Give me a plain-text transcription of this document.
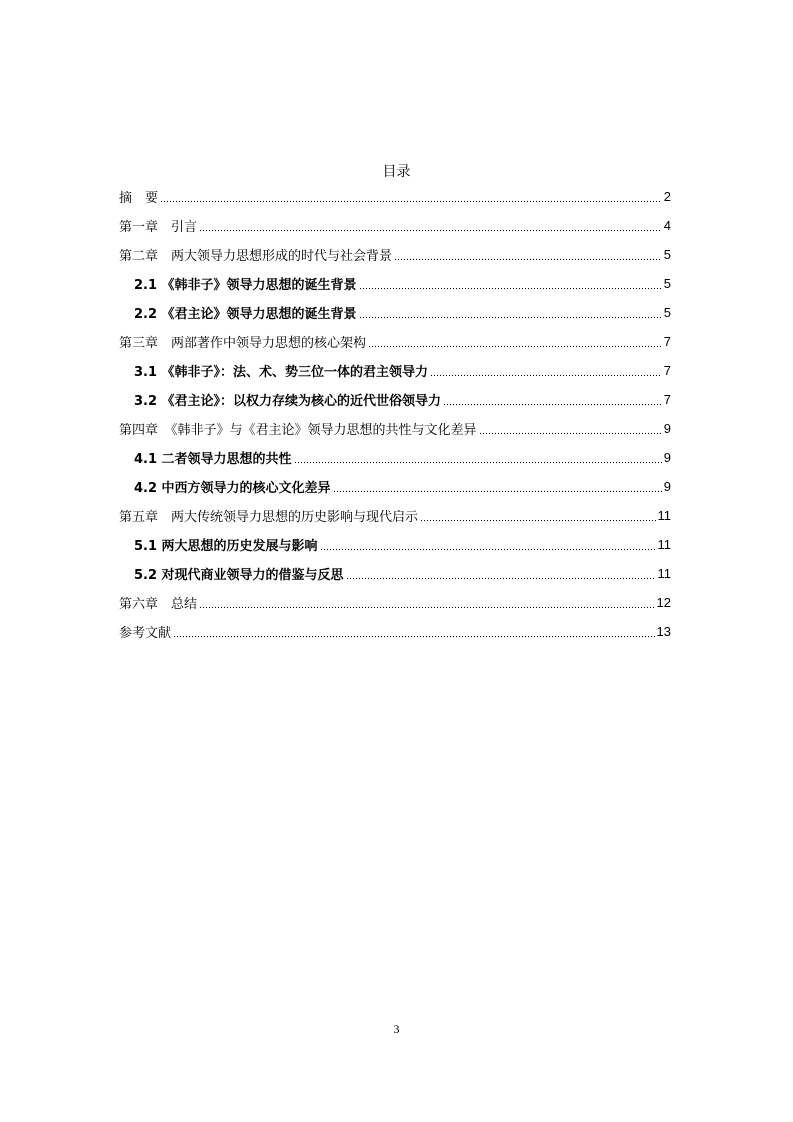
目录
摘　要	2
第一章　引言	4
第二章　两大领导力思想形成的时代与社会背景	5
2.1 《韩非子》领导力思想的诞生背景	5
2.2 《君主论》领导力思想的诞生背景	5
第三章　两部著作中领导力思想的核心架构	7
3.1 《韩非子》：法、术、势三位一体的君主领导力	7
3.2 《君主论》：以权力存续为核心的近代世俗领导力	7
第四章　《韩非子》与《君主论》领导力思想的共性与文化差异	9
4.1 二者领导力思想的共性	9
4.2 中西方领导力的核心文化差异	9
第五章　两大传统领导力思想的历史影响与现代启示	11
5.1 两大思想的历史发展与影响	11
5.2 对现代商业领导力的借鉴与反思	11
第六章　总结	12
参考文献	13
3
